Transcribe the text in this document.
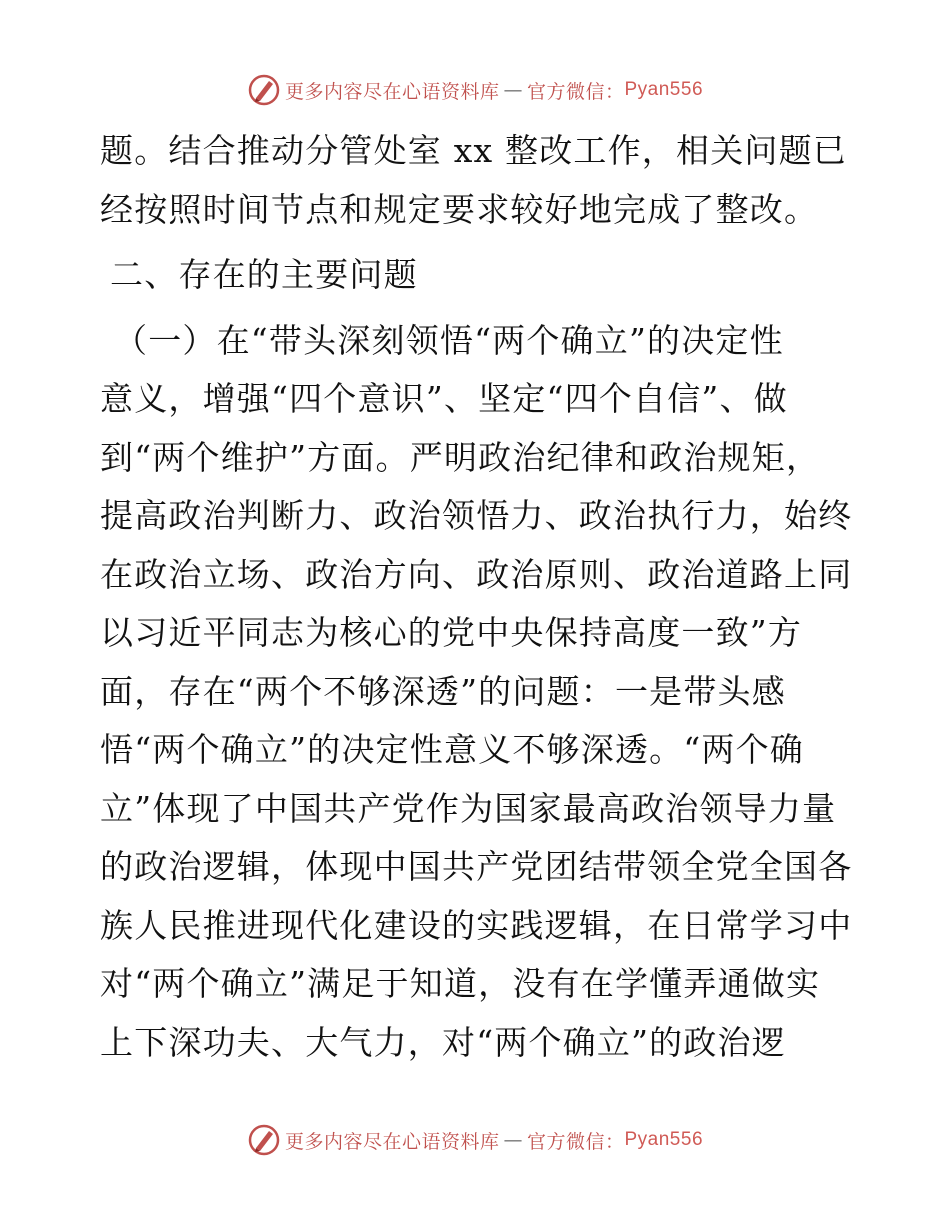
更多内容尽在心语资料库 — 官方微信： Pyan556
题。结合推动分管处室 xx 整改工作，相关问题已
经按照时间节点和规定要求较好地完成了整改。
二、存在的主要问题
（一）在“带头深刻领悟“两个确立”的决定性
意义，增强“四个意识”、坚定“四个自信”、做
到“两个维护”方面。严明政治纪律和政治规矩，
提高政治判断力、政治领悟力、政治执行力，始终
在政治立场、政治方向、政治原则、政治道路上同
以习近平同志为核心的党中央保持高度一致”方
面，存在“两个不够深透”的问题：一是带头感
悟“两个确立”的决定性意义不够深透。“两个确
立”体现了中国共产党作为国家最高政治领导力量
的政治逻辑，体现中国共产党团结带领全党全国各
族人民推进现代化建设的实践逻辑，在日常学习中
对“两个确立”满足于知道，没有在学懂弄通做实
上下深功夫、大气力，对“两个确立”的政治逻
更多内容尽在心语资料库 — 官方微信： Pyan556
